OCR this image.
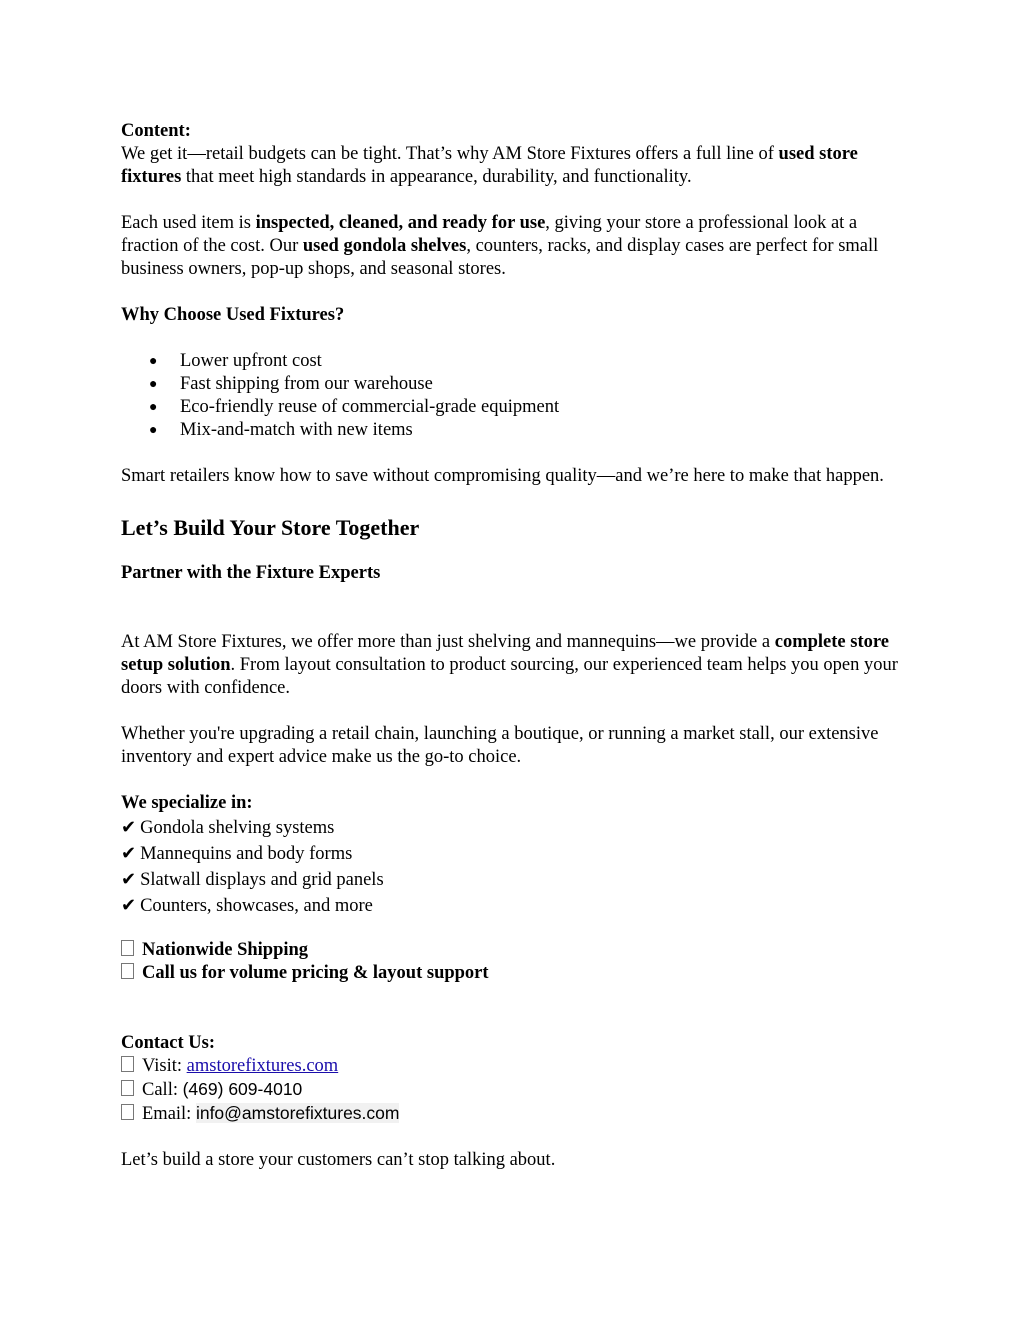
Content:

We get it—retail budgets can be tight. That’s why AM Store Fixtures offers a full line of used store fixtures that meet high standards in appearance, durability, and functionality.

Each used item is inspected, cleaned, and ready for use, giving your store a professional look at a fraction of the cost. Our used gondola shelves, counters, racks, and display cases are perfect for small business owners, pop-up shops, and seasonal stores.

Why Choose Used Fixtures?

● Lower upfront cost
● Fast shipping from our warehouse
● Eco-friendly reuse of commercial-grade equipment
● Mix-and-match with new items

Smart retailers know how to save without compromising quality—and we’re here to make that happen.

Let’s Build Your Store Together

Partner with the Fixture Experts

At AM Store Fixtures, we offer more than just shelving and mannequins—we provide a complete store setup solution. From layout consultation to product sourcing, our experienced team helps you open your doors with confidence.

Whether you're upgrading a retail chain, launching a boutique, or running a market stall, our extensive inventory and expert advice make us the go-to choice.

We specialize in:

✔ Gondola shelving systems
✔ Mannequins and body forms
✔ Slatwall displays and grid panels
✔ Counters, showcases, and more

Nationwide Shipping

Call us for volume pricing & layout support

Contact Us:

Visit: amstorefixtures.com

Call: (469) 609-4010

Email: info@amstorefixtures.com

Let’s build a store your customers can’t stop talking about.
